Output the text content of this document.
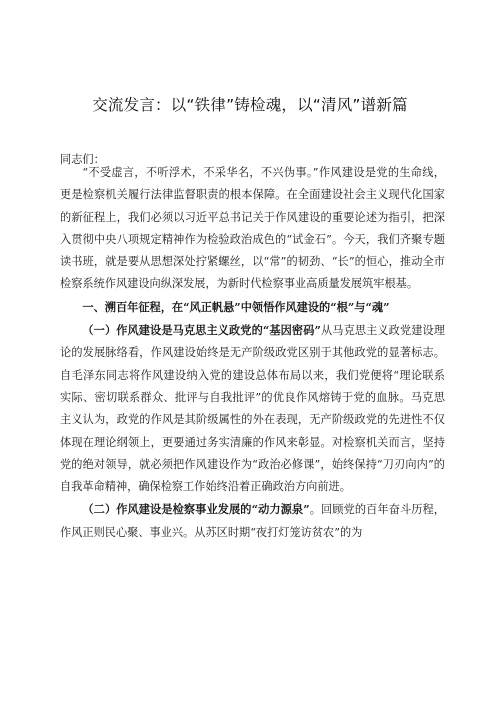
交流发言：以“铁律”铸检魂，以“清风”谱新篇
同志们：

“不受虚言，不听浮术，不采华名，不兴伪事。”作风建设是党的生命线，更是检察机关履行法律监督职责的根本保障。在全面建设社会主义现代化国家的新征程上，我们必须以习近平总书记关于作风建设的重要论述为指引，把深入贯彻中央八项规定精神作为检验政治成色的“试金石”。今天，我们齐聚专题读书班，就是要从思想深处拧紧螺丝，以“常”的韧劲、“长”的恒心，推动全市检察系统作风建设向纵深发展，为新时代检察事业高质量发展筑牢根基。

一、溯百年征程，在“风正帆悬”中领悟作风建设的“根”与“魂”

（一）作风建设是马克思主义政党的“基因密码”从马克思主义政党建设理论的发展脉络看，作风建设始终是无产阶级政党区别于其他政党的显著标志。自毛泽东同志将作风建设纳入党的建设总体布局以来，我们党便将“理论联系实际、密切联系群众、批评与自我批评”的优良作风熔铸于党的血脉。马克思主义认为，政党的作风是其阶级属性的外在表现，无产阶级政党的先进性不仅体现在理论纲领上，更要通过务实清廉的作风来彰显。对检察机关而言，坚持党的绝对领导，就必须把作风建设作为“政治必修课”，始终保持“刀刃向内”的自我革命精神，确保检察工作始终沿着正确政治方向前进。

（二）作风建设是检察事业发展的“动力源泉”。回顾党的百年奋斗历程，作风正则民心聚、事业兴。从苏区时期“夜打灯笼访贫农”的为
